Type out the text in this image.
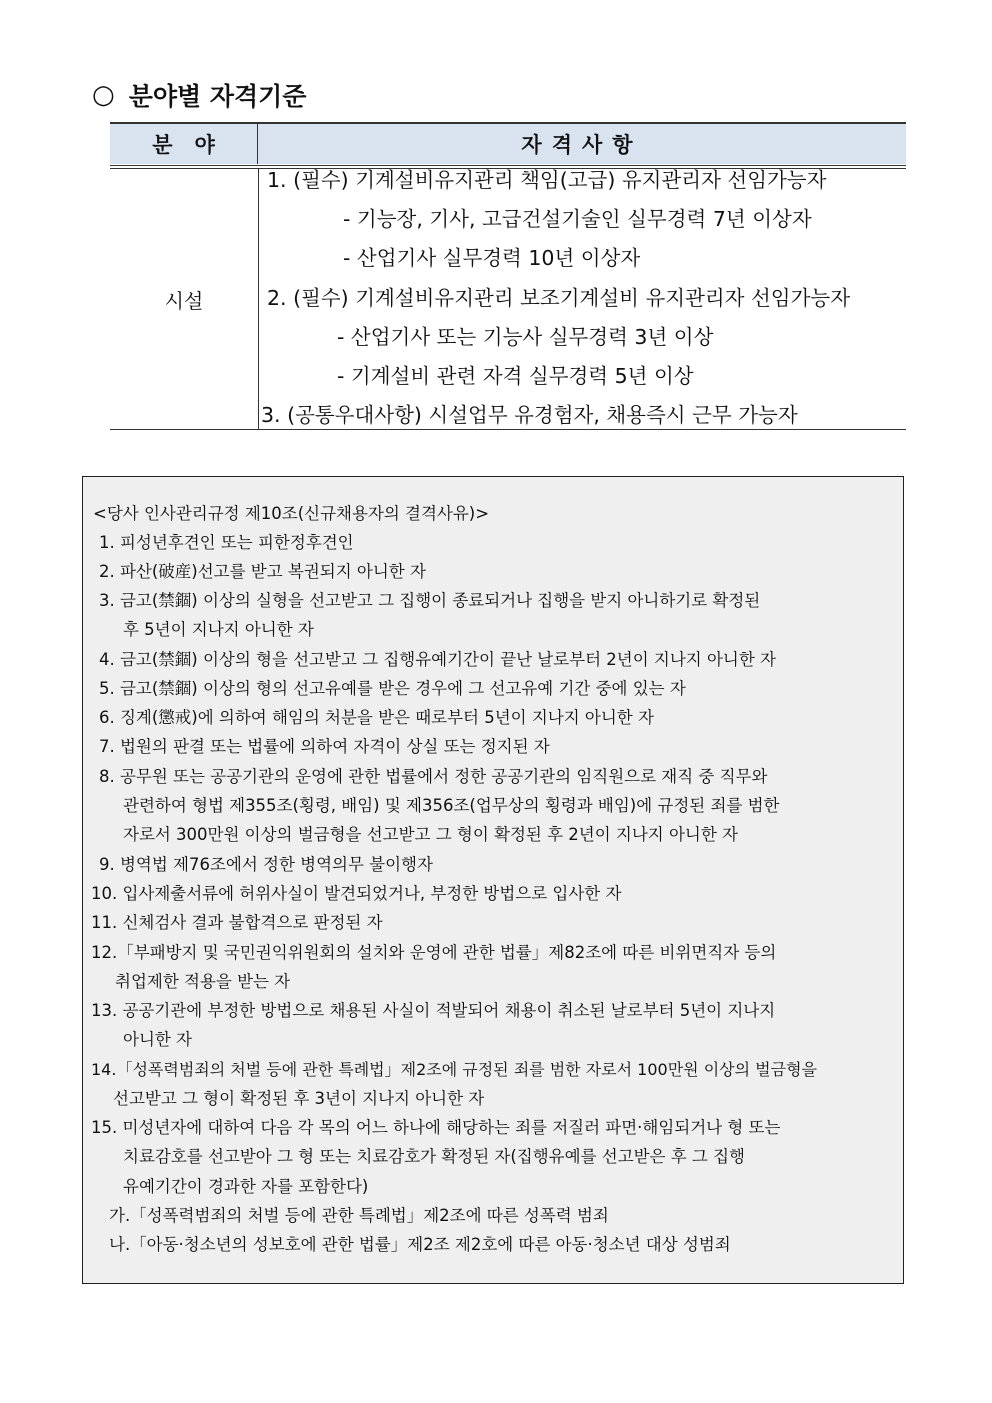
○ 분야별 자격기준
분야	자격사항
시설
1. (필수) 기계설비유지관리 책임(고급) 유지관리자 선임가능자
- 기능장, 기사, 고급건설기술인 실무경력 7년 이상자
- 산업기사 실무경력 10년 이상자
2. (필수) 기계설비유지관리 보조기계설비 유지관리자 선임가능자
- 산업기사 또는 기능사 실무경력 3년 이상
- 기계설비 관련 자격 실무경력 5년 이상
3. (공통우대사항) 시설업무 유경험자, 채용즉시 근무 가능자
<당사 인사관리규정 제10조(신규채용자의 결격사유)>
1. 피성년후견인 또는 피한정후견인
2. 파산(破産)선고를 받고 복권되지 아니한 자
3. 금고(禁錮) 이상의 실형을 선고받고 그 집행이 종료되거나 집행을 받지 아니하기로 확정된
후 5년이 지나지 아니한 자
4. 금고(禁錮) 이상의 형을 선고받고 그 집행유예기간이 끝난 날로부터 2년이 지나지 아니한 자
5. 금고(禁錮) 이상의 형의 선고유예를 받은 경우에 그 선고유예 기간 중에 있는 자
6. 징계(懲戒)에 의하여 해임의 처분을 받은 때로부터 5년이 지나지 아니한 자
7. 법원의 판결 또는 법률에 의하여 자격이 상실 또는 정지된 자
8. 공무원 또는 공공기관의 운영에 관한 법률에서 정한 공공기관의 임직원으로 재직 중 직무와
관련하여 형법 제355조(횡령, 배임) 및 제356조(업무상의 횡령과 배임)에 규정된 죄를 범한
자로서 300만원 이상의 벌금형을 선고받고 그 형이 확정된 후 2년이 지나지 아니한 자
9. 병역법 제76조에서 정한 병역의무 불이행자
10. 입사제출서류에 허위사실이 발견되었거나, 부정한 방법으로 입사한 자
11. 신체검사 결과 불합격으로 판정된 자
12.「부패방지 및 국민권익위원회의 설치와 운영에 관한 법률」제82조에 따른 비위면직자 등의
취업제한 적용을 받는 자
13. 공공기관에 부정한 방법으로 채용된 사실이 적발되어 채용이 취소된 날로부터 5년이 지나지
아니한 자
14.「성폭력범죄의 처벌 등에 관한 특례법」제2조에 규정된 죄를 범한 자로서 100만원 이상의 벌금형을
선고받고 그 형이 확정된 후 3년이 지나지 아니한 자
15. 미성년자에 대하여 다음 각 목의 어느 하나에 해당하는 죄를 저질러 파면·해임되거나 형 또는
치료감호를 선고받아 그 형 또는 치료감호가 확정된 자(집행유예를 선고받은 후 그 집행
유예기간이 경과한 자를 포함한다)
가.「성폭력범죄의 처벌 등에 관한 특례법」제2조에 따른 성폭력 범죄
나.「아동·청소년의 성보호에 관한 법률」제2조 제2호에 따른 아동·청소년 대상 성범죄
